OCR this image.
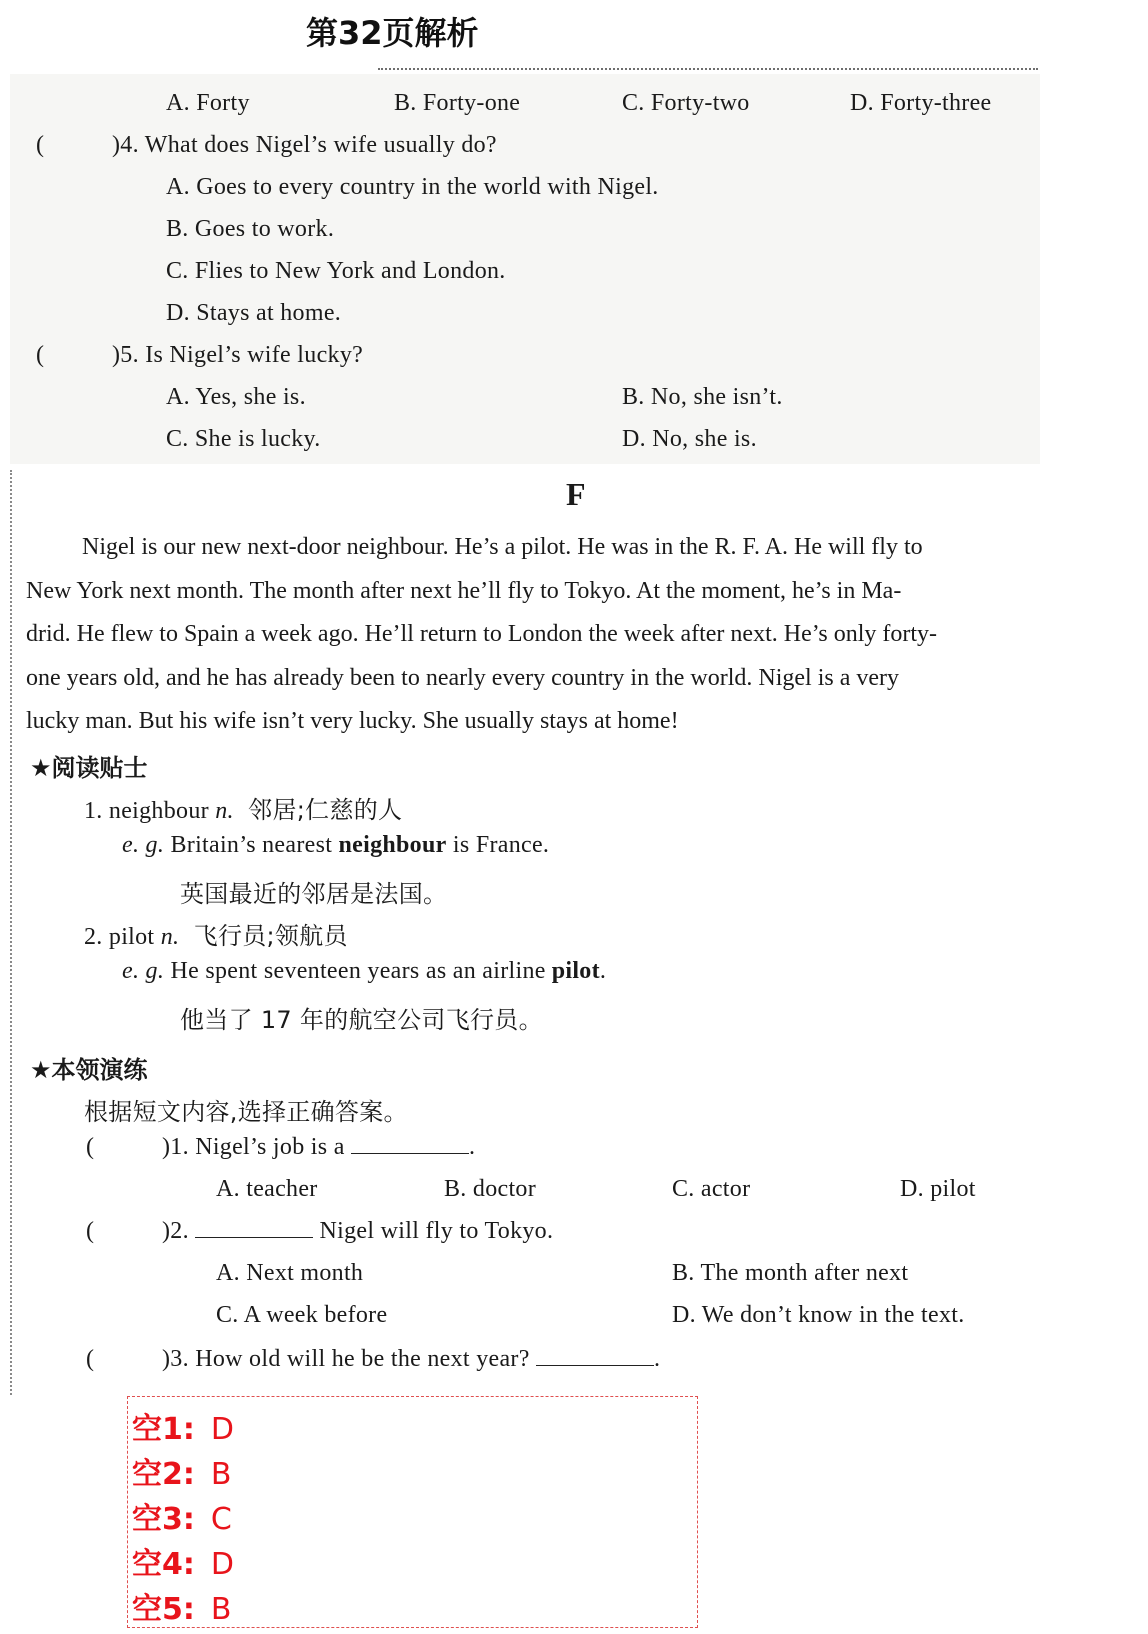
第32页解析
A. Forty	B. Forty-one	C. Forty-two	D. Forty-three
(	)4. What does Nigel’s wife usually do?
A. Goes to every country in the world with Nigel.
B. Goes to work.
C. Flies to New York and London.
D. Stays at home.
(	)5. Is Nigel’s wife lucky?
A. Yes, she is.	B. No, she isn’t.
C. She is lucky.	D. No, she is.
F
Nigel is our new next-door neighbour. He’s a pilot. He was in the R. F. A. He will fly to
New York next month. The month after next he’ll fly to Tokyo. At the moment, he’s in Ma-
drid. He flew to Spain a week ago. He’ll return to London the week after next. He’s only forty-
one years old, and he has already been to nearly every country in the world. Nigel is a very
lucky man. But his wife isn’t very lucky. She usually stays at home!
★阅读贴士
1. neighbour n. 邻居;仁慈的人
e. g. Britain’s nearest neighbour is France.
英国最近的邻居是法国。
2. pilot n. 飞行员;领航员
e. g. He spent seventeen years as an airline pilot.
他当了 17 年的航空公司飞行员。
★本领演练
根据短文内容,选择正确答案。
(	)1. Nigel’s job is a	.
A. teacher	B. doctor	C. actor	D. pilot
(	)2.	Nigel will fly to Tokyo.
A. Next month	B. The month after next
C. A week before	D. We don’t know in the text.
(	)3. How old will he be the next year?	.
空1: D
空2: B
空3: C
空4: D
空5: B
